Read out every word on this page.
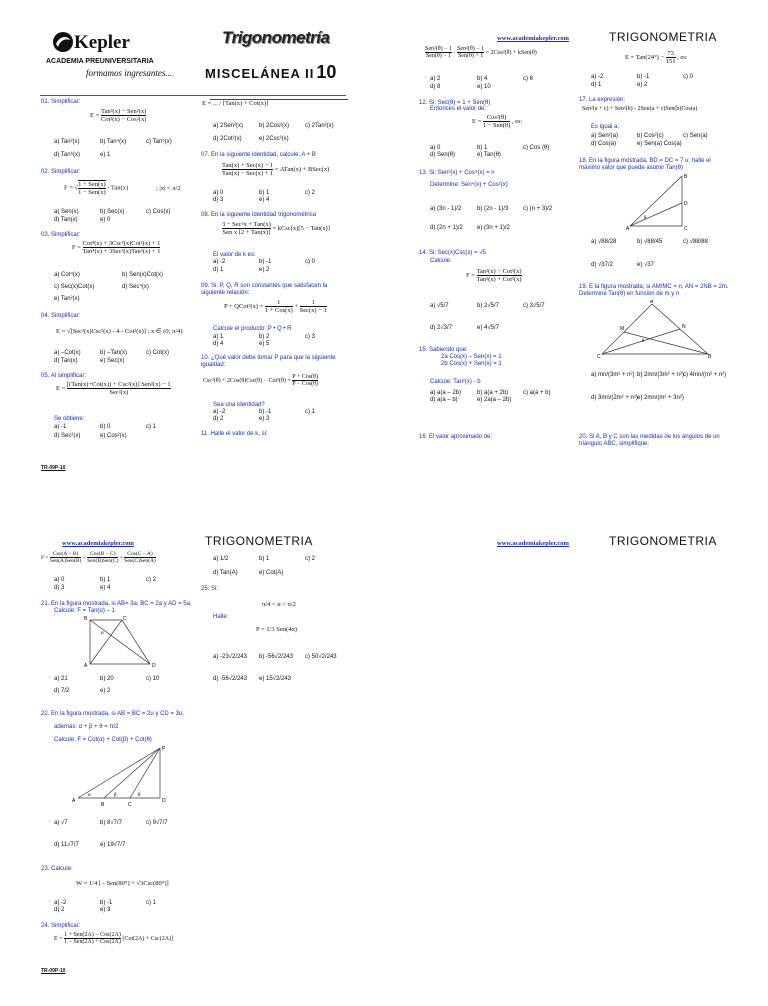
Kepler
ACADEMIA PREUNIVERSITARIA
formamos ingresantes...
Trigonometría
MISCELÁNEA II 10
01. Simplificar:
$E = \frac{\text{Tan²(x) − Sen²(x)}}{\text{Cot²(x) − Cos²(x)}}$
a) Tan²(x)	b) Tan⁴(x)	c) Tan⁵(x)
d) Tan⁶(x)	e) 1
02. Simplificar:
F = √ $\frac{\text{1 + Sen(x)}}{\text{1 − Sen(x)}} \cdot Tan(x)$	; |x| < π/2
a) Sen(x)	b) Sec(x)	c) Cos(x)
d) Tan(x)	e) 0
03. Simplificar:
$F = \frac{\text{Cot⁴(x) + 3Csc²(x)Cot²(x) + 1}}{\text{Tan⁴(x) + 3Sec²(x)Tan²(x) + 1}}$
a) Cot⁴(x)	b) Sen(x)Cot(x)
c) Sec(x)Cot(x)	d) Sec⁴(x)
e) Tan²(x)
04. Simplificar:
E = √[Sec²(x)Csc²(x) - 4 - Cot²(x)] ; x ∈ (0; π/4)
a) –Cot(x)	b) –Tan(x)	c) Cot(x)
d) Tan(x)	e) Sec(x)
05. Al simplificar:
$E = \frac{\text{[(Tan(x)+Cot(x)) + Csc²(x)] Sen²(x) − 1}}{\text{Sec²(x)}}$
Se obtiene:
a) -1	b) 0	c) 1
d) Sec²(x)	e) Cos²(x)
TR-09P-10
E = ... / [Tan(x) + Cot(x)]
a) 2Sen²(x)	b) 2Cos²(x)	c) 2Tan²(x)
d) 2Cot²(x)	e) 2Csc²(x)
07. En la siguiente identidad, calcule: A + B
$\frac{\text{Tan(x) + Sec(x) − 1}}{\text{Tan(x) − Sec(x) + 1}}$ = ATan(x) + BSec(x)
a) 0	b) 1	c) 2
d) 3	e) 4
08. En la siguiente identidad trigonométrica
$\frac{\text{3 − Sec²x + Tan(x)}}{\text{Sen x [2 + Tan(x)]}}$ = kCsc(x)[5 − Tan(x)]
El valor de k es:
a) -2	b) -1	c) 0
d) 1	e) 2
09. Si: P, Q, R son constantes que satisfacen la siguiente relación:
P + QCot²(x) = $\frac{1}{\text{1 + Cos(x)}} + \frac{1}{\text{Sec(x) − 1}}$
Calcule el producto: P • Q • R
a) 1	b) 2	c) 3
d) 4	e) 5
10. ¿Qué valor debe tomar P para que la siguiente igualdad:
$Csc^2(\theta) + 2Cos(\theta)Csc(\theta) - Cot^2(\theta) = \frac{\text{P + Cos(θ)}}{\text{P − Cos(θ)}}$
Sea una identidad?
a) -2	b) -1	c) 1
d) 2	e) 3
11. Halle el valor de k, si:
www.academiakepler.com	TRIGONOMETRIA
$\frac{\text{Sen²(θ) − 1}}{\text{Sen(θ) − 1}} \cdot \frac{\text{Sen²(θ) − 1}}{\text{Sen(θ) + 1}} = 2Cos^2(\theta)$ + kSen(θ)
a) 2	b) 4	c) 6
d) 8	e) 10
12. Si: Sec(θ) = 1 + Sen(θ)
Entonces el valor de:
$E = \frac{\text{Cos²(θ)}}{\text{1 − Sen(θ)}}$ , es:
a) 0	b) 1	c) Cos (θ)
d) Sen(θ)	e) Tan(θ)
13. Si: Sen²(x) + Cos⁴(x) = n
Determine: Sen⁴(x) + Cos²(x)
a) (3n - 1)/2	b) (2n - 1)/3 c) (n + 3)/2
d) (2n + 1)/2 e) (3n + 1)/2
14. Si: Sec(x)Csc(x) = √5
Calcule:
$F = \frac{\text{Tan²(x) − Cot²(x)}}{\text{Tan²(x) + Cot²(x)}}$
a) √5/7	b) 2√5/7	c) 3√5/7
d) 2√3/7	e) 4√5/7
15. Sabiendo que:
2a Cos(x) – Sen(x) = 1
2b Cos(x) + Sen(x) = 1
Calcule: Tan²(x) - b
a) a(a – 2b)	b) a(a + 2b) c) a(a + b)
d) a(a – b)	e) 2a(a – 2b)
16. El valor aproximado de:
$E = Tan(24^\circ) - \frac{73}{151}$ , es:
a) -2	b) -1	c) 0
d) 1	e) 2
17. La expresión:
Sen²(a + c) + Sen²(b) - 2Sen(a + c)Sen(b)Cos(a)
Es igual a:
a) Sen²(a)	b) Cos²(c)	c) Sen(a)
d) Cos(a)	e) Sen(a) Cos(a)
18. En la figura mostrada, BD = DC = 7 u; halle el máximo valor que puede asumir Tan(θ)
B
D
C
A
θ
a) √88/28	b) √88/45	c) √88/88
d) √37/2	e) √37
19. E la figura mostrada, si AM/MC = n, AN = 2NB = 2m. Determine Tan(θ) en función de m y n
A
M	N
C	B
θ
a) mn/(3m² + n²) b) 2mn/(3m² + n²) c) 4mn/(m² + n²)
d) 3mn/(2m² + n²) e) 2mn/(m² + 3n²)
20. Si A, B y C son las medidas de los ángulos de un triángulo ABC, simplifique:
www.academiakepler.com	TRIGONOMETRIA
$F = \frac{\text{Cos(A − B)}}{\text{Sen(A)Sen(B)}} + \frac{\text{Cos(B − C)}}{\text{Sen(B)Sen(C)}} + \frac{\text{Cos(C − A)}}{\text{Sen(C)Sen(A)}}$
a) 0	b) 1	c) 2
d) 3	e) 4
21. En la figura mostrada, si AB= 3a, BC = 2a y AD = 5a.
Calcule: F = Tan(α) – 1
B	C
A	D
α
a) 21	b) 20	c) 10
d) 7/2	e) 2
22. En la figura mostrada, si AB = BC = 2u y CD = 3u,
además: α + β + θ = π/2
Calcule: F = Cot(α) + Cot(β) + Cot(θ)
A
B	C
D
P
α	β	θ
a) √7	b) 8√7/7	c) 9√7/7
d) 11√7/7	e) 19√7/7
23. Calcule:
W = 1/4 [ - Sen(80°) + √3Csc(80°)]
a) -2	b) -1	c) 1
d) 2	e) 3
24. Simplificar:
$E = \frac{\text{1 + Sen(2A) − Cos(2A)}}{\text{1 − Sen(2A) + Cos(2A)}} [Cot(2A) + Csc(2A)]$
TR-09P-10
a) 1/2	b) 1	c) 2
d) Tan(A)	e) Cot(A)
25. Si:
π/4 < α < π/2
Halle:
P = 1/3 Sen(4α)
a) -23√2/243 b) -56√2/243 c) 50√2/243
d) -56√2/243 e) 15√2/243
www.academiakepler.com	TRIGONOMETRIA
